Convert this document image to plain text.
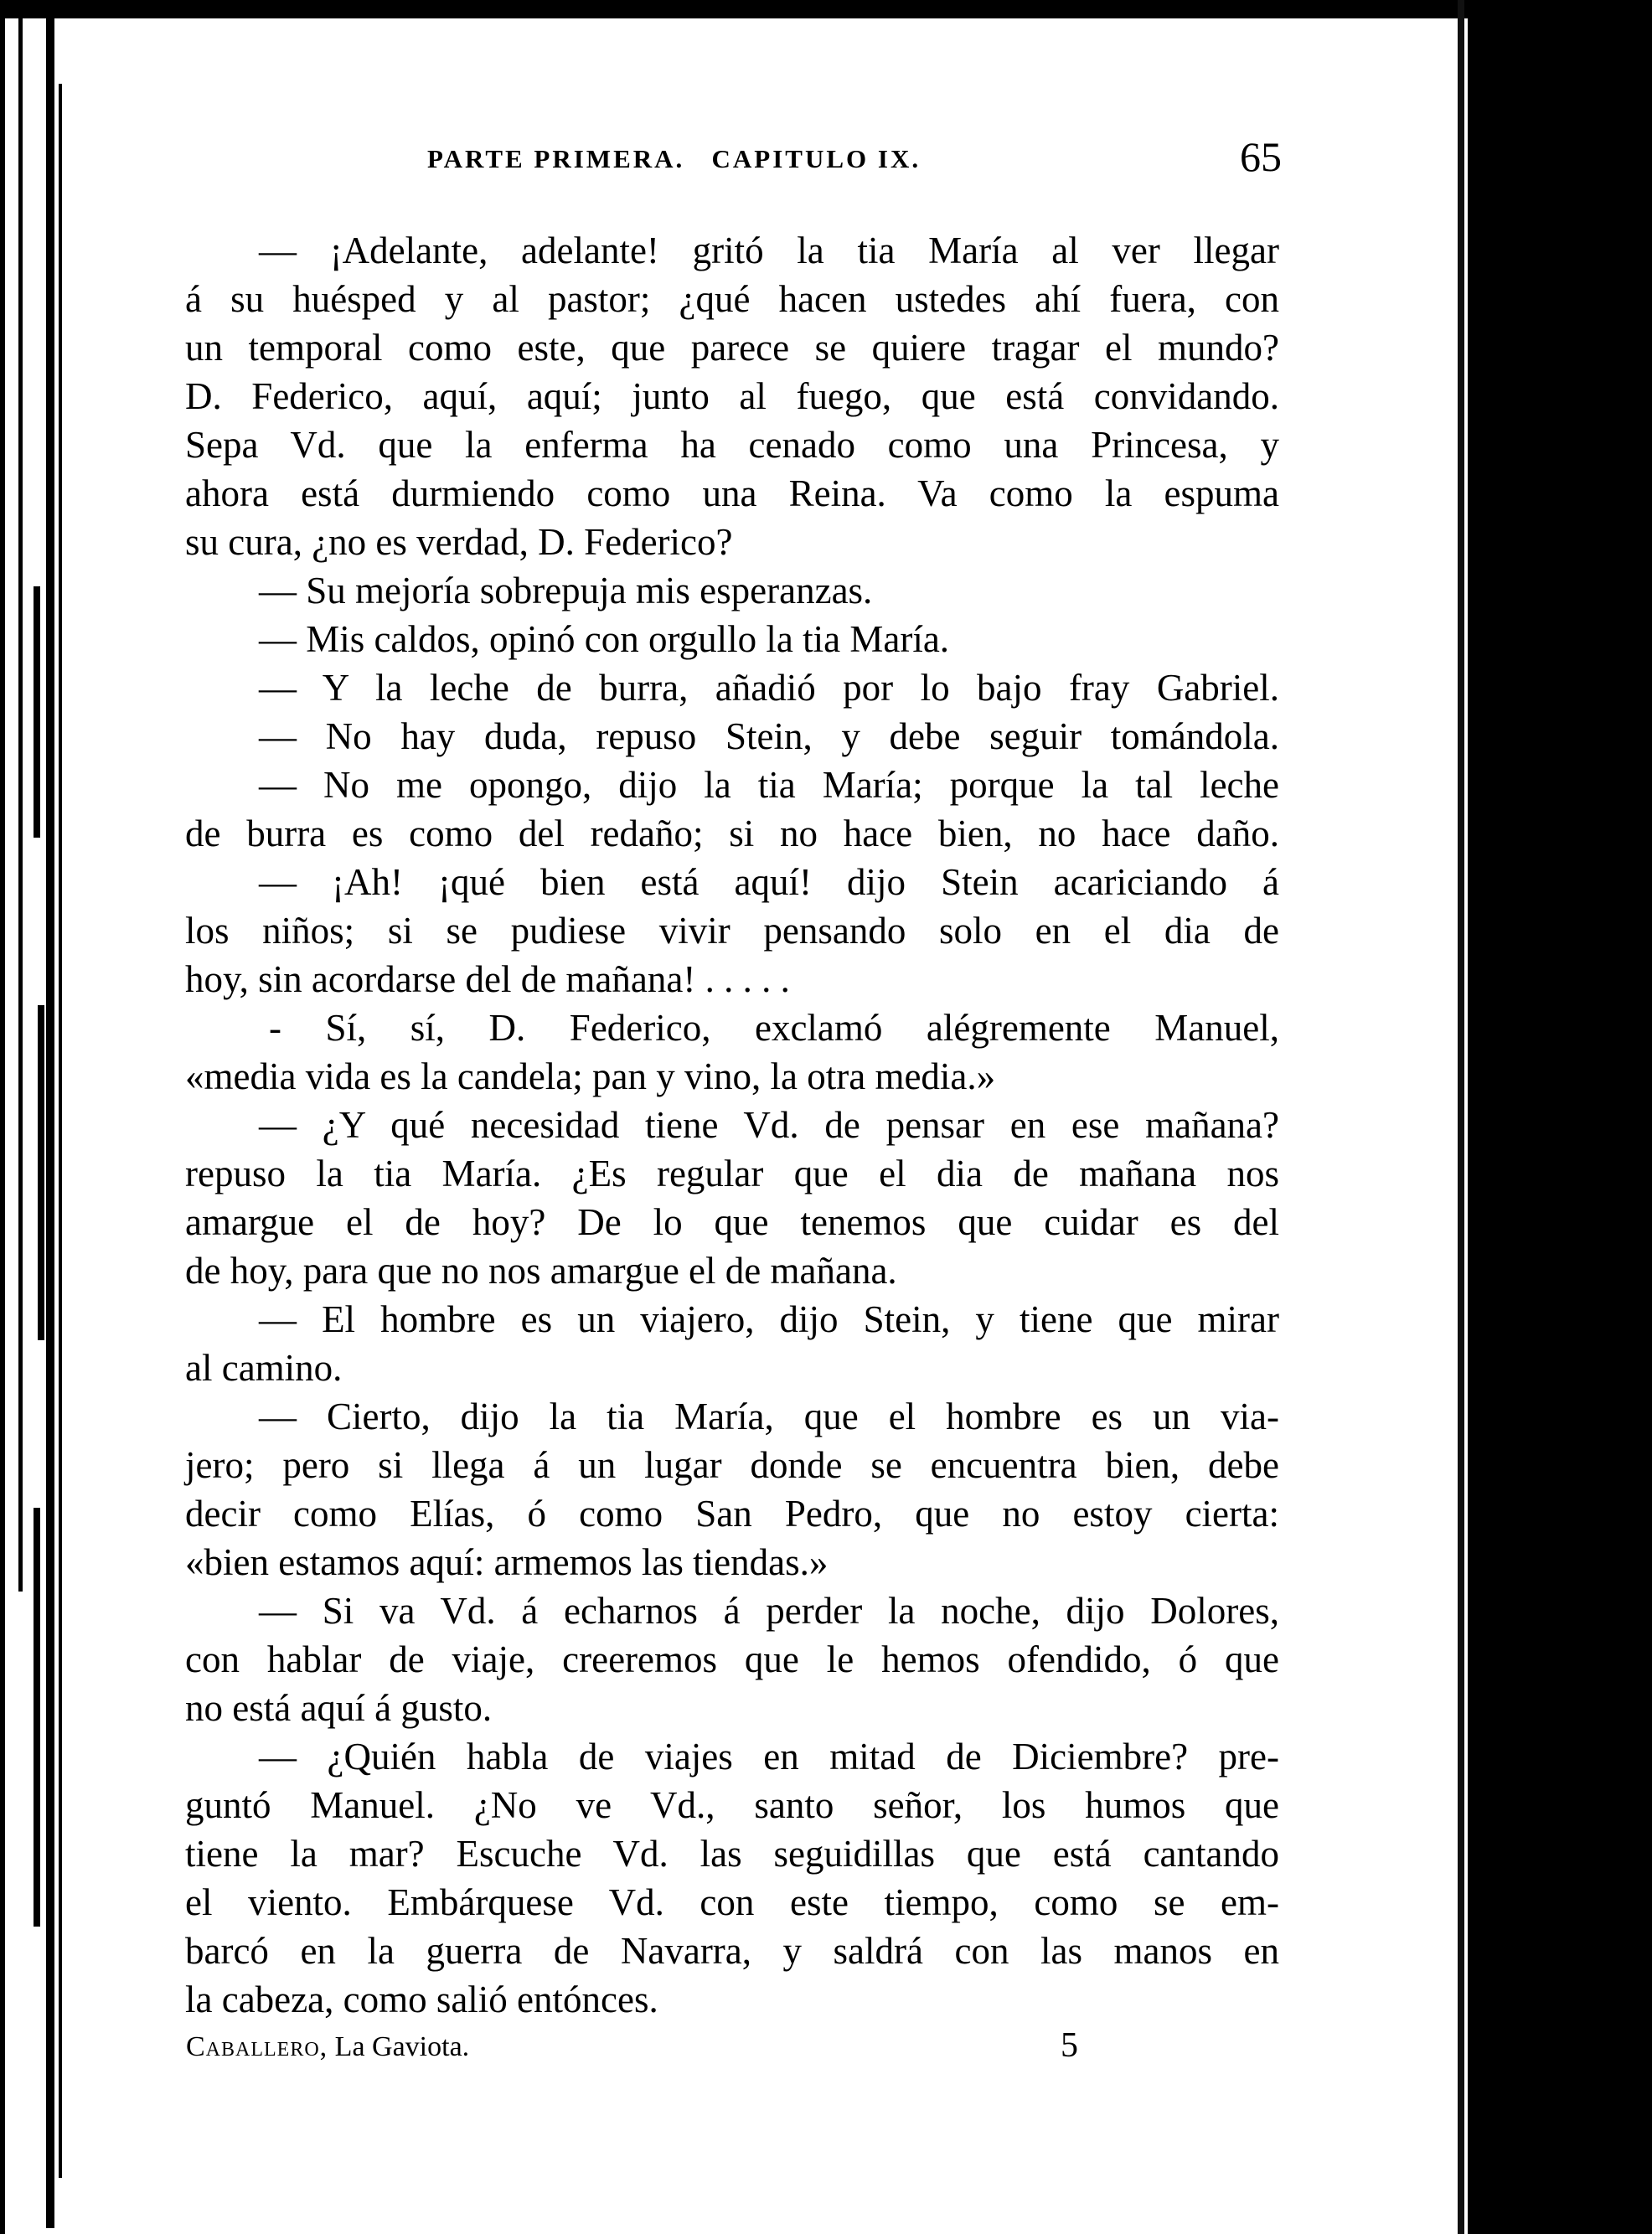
PARTE PRIMERA.   CAPITULO IX.	65
— ¡Adelante, adelante! gritó la tia María al ver llegar
á su huésped y al pastor; ¿qué hacen ustedes ahí fuera, con
un temporal como este, que parece se quiere tragar el mundo?
D. Federico, aquí, aquí; junto al fuego, que está convidando.
Sepa Vd. que la enferma ha cenado como una Princesa, y
ahora está durmiendo como una Reina. Va como la espuma
su cura, ¿no es verdad, D. Federico?
— Su mejoría sobrepuja mis esperanzas.
— Mis caldos, opinó con orgullo la tia María.
— Y la leche de burra, añadió por lo bajo fray Gabriel.
— No hay duda, repuso Stein, y debe seguir tomándola.
— No me opongo, dijo la tia María; porque la tal leche
de burra es como del redaño; si no hace bien, no hace daño.
— ¡Ah! ¡qué bien está aquí! dijo Stein acariciando á
los niños; si se pudiese vivir pensando solo en el dia de
hoy, sin acordarse del de mañana! . . . . .
- Sí, sí, D. Federico, exclamó alégremente Manuel,
«media vida es la candela; pan y vino, la otra media.»
— ¿Y qué necesidad tiene Vd. de pensar en ese mañana?
repuso la tia María. ¿Es regular que el dia de mañana nos
amargue el de hoy? De lo que tenemos que cuidar es del
de hoy, para que no nos amargue el de mañana.
— El hombre es un viajero, dijo Stein, y tiene que mirar
al camino.
— Cierto, dijo la tia María, que el hombre es un via-
jero; pero si llega á un lugar donde se encuentra bien, debe
decir como Elías, ó como San Pedro, que no estoy cierta:
«bien estamos aquí: armemos las tiendas.»
— Si va Vd. á echarnos á perder la noche, dijo Dolores,
con hablar de viaje, creeremos que le hemos ofendido, ó que
no está aquí á gusto.
— ¿Quién habla de viajes en mitad de Diciembre? pre-
guntó Manuel. ¿No ve Vd., santo señor, los humos que
tiene la mar? Escuche Vd. las seguidillas que está cantando
el viento. Embárquese Vd. con este tiempo, como se em-
barcó en la guerra de Navarra, y saldrá con las manos en
la cabeza, como salió entónces.
Caballero, La Gaviota.	5
